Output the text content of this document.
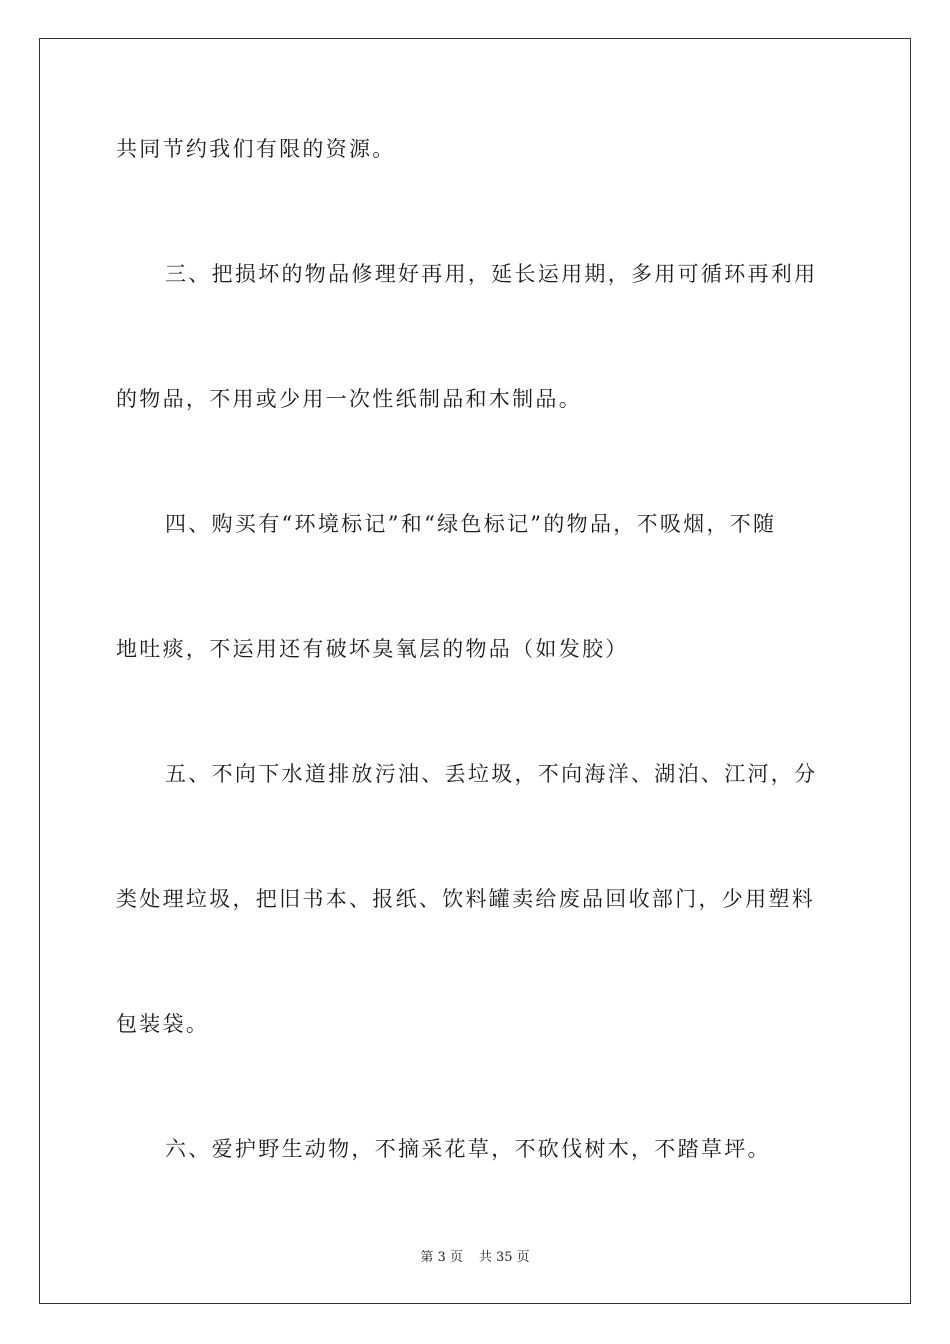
共同节约我们有限的资源。
三、把损坏的物品修理好再用，延长运用期，多用可循环再利用
的物品，不用或少用一次性纸制品和木制品。
四、购买有“环境标记”和“绿色标记”的物品，不吸烟，不随
地吐痰，不运用还有破坏臭氧层的物品（如发胶）
五、不向下水道排放污油、丢垃圾，不向海洋、湖泊、江河，分
类处理垃圾，把旧书本、报纸、饮料罐卖给废品回收部门，少用塑料
包装袋。
六、爱护野生动物，不摘采花草，不砍伐树木，不踏草坪。
第 3 页 共 35 页
